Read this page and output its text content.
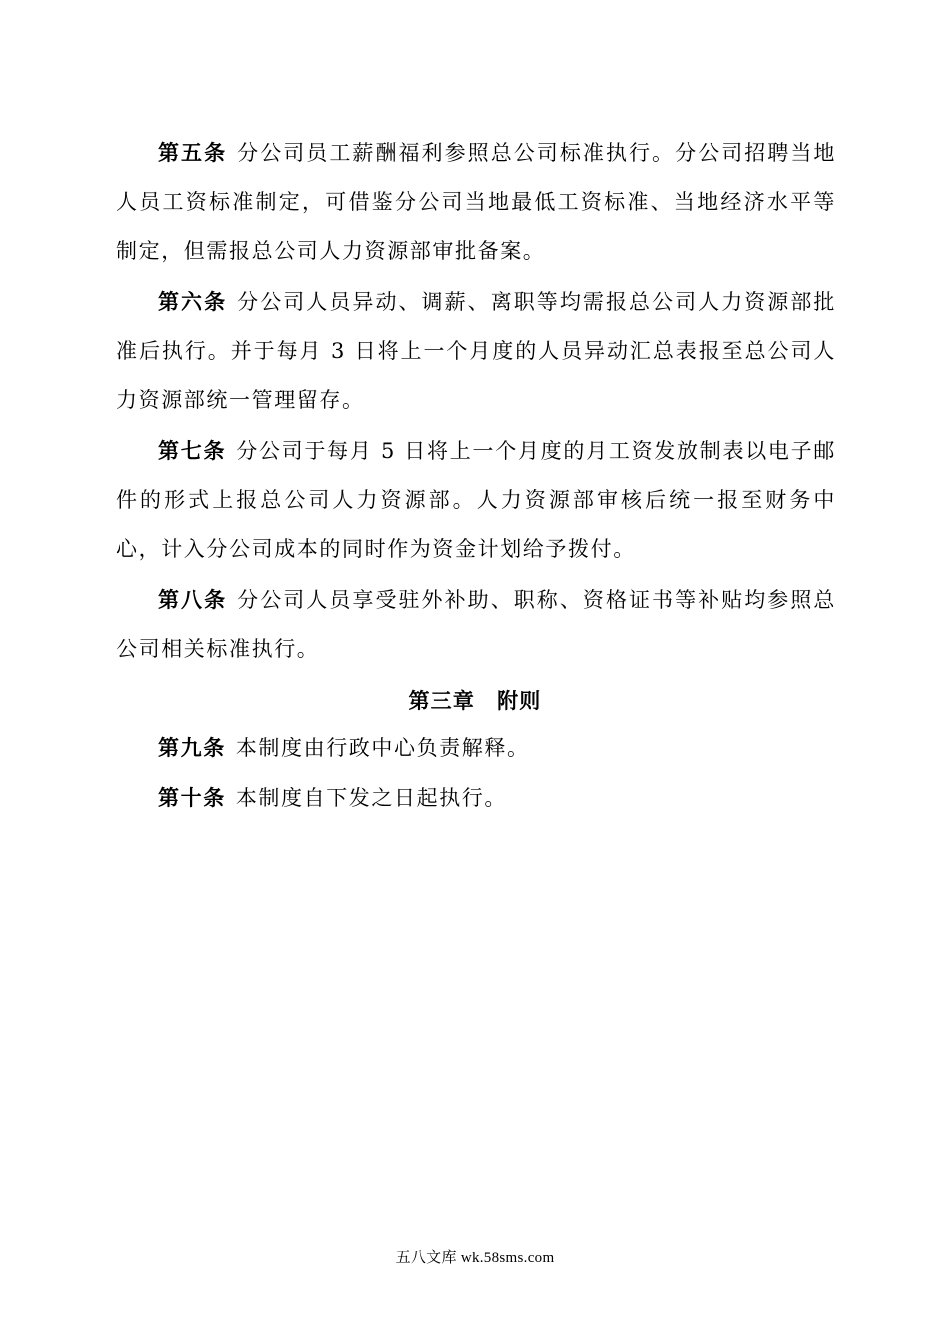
第五条 分公司员工薪酬福利参照总公司标准执行。分公司招聘当地人员工资标准制定，可借鉴分公司当地最低工资标准、当地经济水平等制定，但需报总公司人力资源部审批备案。

第六条 分公司人员异动、调薪、离职等均需报总公司人力资源部批准后执行。并于每月 3 日将上一个月度的人员异动汇总表报至总公司人力资源部统一管理留存。

第七条 分公司于每月 5 日将上一个月度的月工资发放制表以电子邮件的形式上报总公司人力资源部。人力资源部审核后统一报至财务中心，计入分公司成本的同时作为资金计划给予拨付。

第八条 分公司人员享受驻外补助、职称、资格证书等补贴均参照总公司相关标准执行。

第三章 附则

第九条 本制度由行政中心负责解释。

第十条 本制度自下发之日起执行。

五八文库 wk.58sms.com
